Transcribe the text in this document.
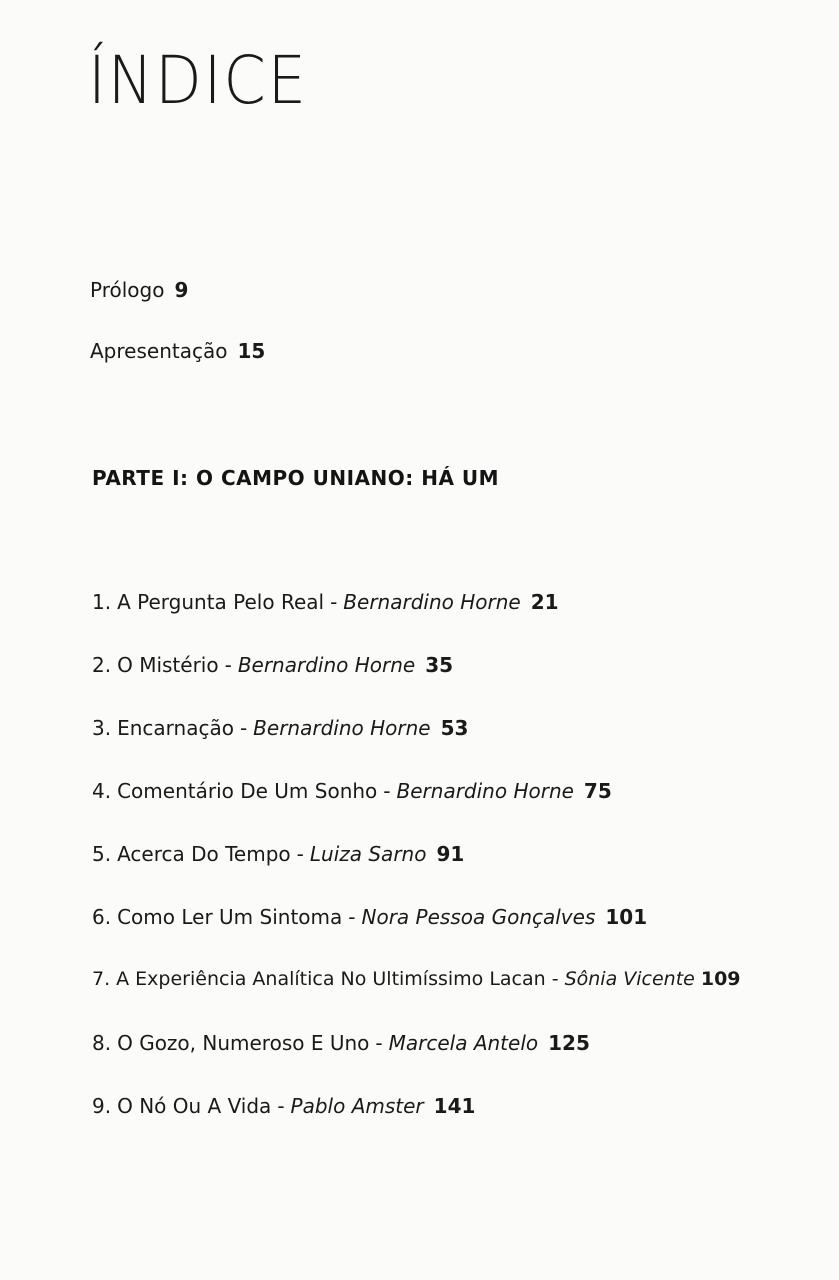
ÍNDICE
Prólogo 9
Apresentação 15
PARTE I: O CAMPO UNIANO: HÁ UM
1. A Pergunta Pelo Real - Bernardino Horne 21
2. O Mistério - Bernardino Horne 35
3. Encarnação - Bernardino Horne 53
4. Comentário De Um Sonho - Bernardino Horne 75
5. Acerca Do Tempo - Luiza Sarno 91
6. Como Ler Um Sintoma - Nora Pessoa Gonçalves 101
7. A Experiência Analítica No Ultimíssimo Lacan - Sônia Vicente 109
8. O Gozo, Numeroso E Uno - Marcela Antelo 125
9. O Nó Ou A Vida - Pablo Amster 141
